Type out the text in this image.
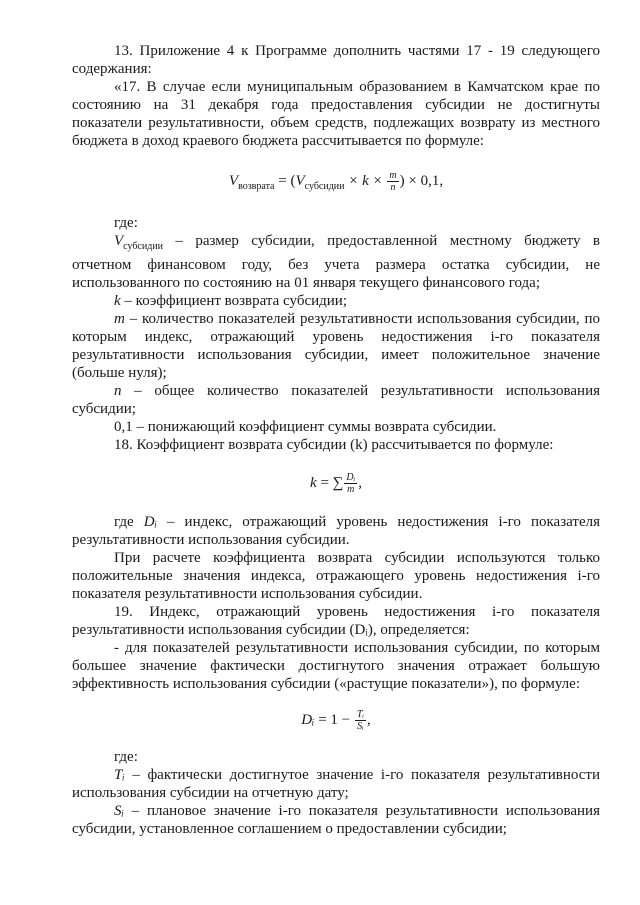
13. Приложение 4 к Программе дополнить частями 17 - 19 следующего содержания:

«17. В случае если муниципальным образованием в Камчатском крае по состоянию на 31 декабря года предоставления субсидии не достигнуты показатели результативности, объем средств, подлежащих возврату из местного бюджета в доход краевого бюджета рассчитывается по формуле:

$V_{возврата} = (V_{субсидии} \times k \times \frac{m}{n}$ ) × 0,1,

где:

$V_{субсидии}$ – размер субсидии, предоставленной местному бюджету в отчетном финансовом году, без учета размера остатка субсидии, не использованного по состоянию на 01 января текущего финансового года;

k – коэффициент возврата субсидии;

m – количество показателей результативности использования субсидии, по которым индекс, отражающий уровень недостижения i-го показателя результативности использования субсидии, имеет положительное значение (больше нуля);

n – общее количество показателей результативности использования субсидии;

0,1 – понижающий коэффициент суммы возврата субсидии.

18. Коэффициент возврата субсидии (k) рассчитывается по формуле:

k = ∑ $\frac{\text{Dᵢ}}{m}$ ,

где Dᵢ – индекс, отражающий уровень недостижения i-го показателя результативности использования субсидии.

При расчете коэффициента возврата субсидии используются только положительные значения индекса, отражающего уровень недостижения i-го показателя результативности использования субсидии.

19. Индекс, отражающий уровень недостижения i-го показателя результативности использования субсидии (Dᵢ), определяется:

- для показателей результативности использования субсидии, по которым большее значение фактически достигнутого значения отражает большую эффективность использования субсидии («растущие показатели»), по формуле:

Dᵢ = $1 - \frac{\text{Tᵢ}}{\text{Sᵢ}}$ ,

где:

Tᵢ – фактически достигнутое значение i-го показателя результативности использования субсидии на отчетную дату;

Sᵢ – плановое значение i-го показателя результативности использования субсидии, установленное соглашением о предоставлении субсидии;
